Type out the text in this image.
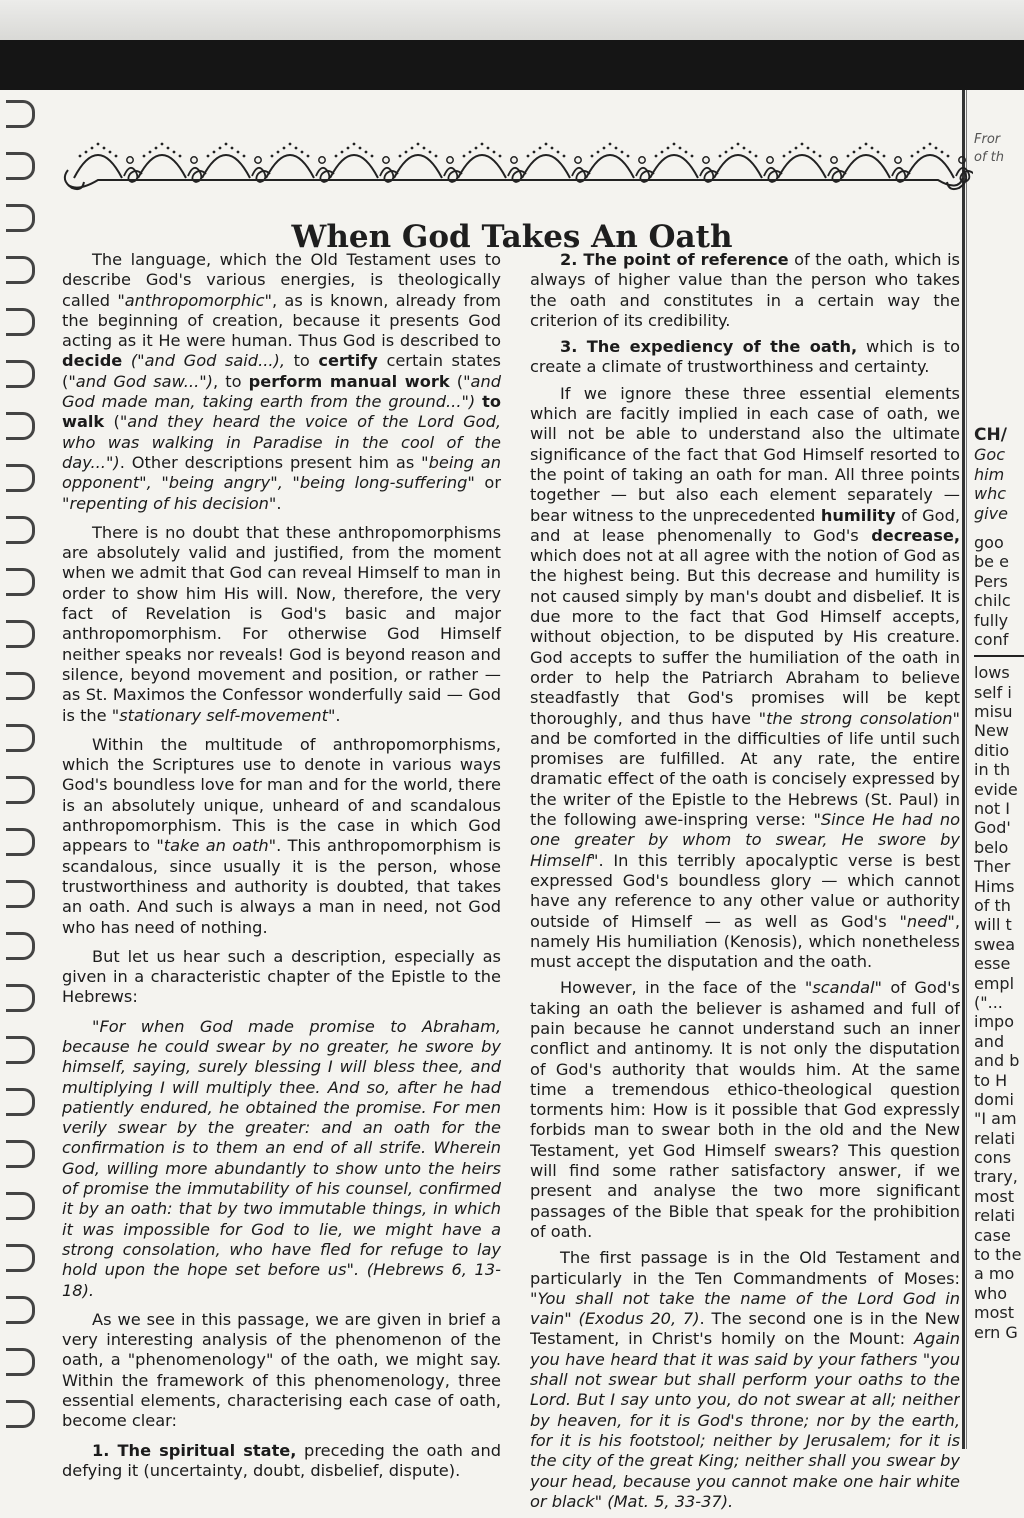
When God Takes An Oath

The language, which the Old Testament uses to describe God's various energies, is theologically called "anthropomorphic", as is known, already from the beginning of creation, because it presents God acting as it He were human. Thus God is described to decide ("and God said...), to certify certain states ("and God saw..."), to perform manual work ("and God made man, taking earth from the ground...") to walk ("and they heard the voice of the Lord God, who was walking in Paradise in the cool of the day..."). Other descriptions present him as "being an opponent", "being angry", "being long-suffering" or "repenting of his decision".

There is no doubt that these anthropomorphisms are absolutely valid and justified, from the moment when we admit that God can reveal Himself to man in order to show him His will. Now, therefore, the very fact of Revelation is God's basic and major anthropomorphism. For otherwise God Himself neither speaks nor reveals! God is beyond reason and silence, beyond movement and position, or rather — as St. Maximos the Confessor wonderfully said — God is the "stationary self-movement".

Within the multitude of anthropomorphisms, which the Scriptures use to denote in various ways God's boundless love for man and for the world, there is an absolutely unique, unheard of and scandalous anthropomorphism. This is the case in which God appears to "take an oath". This anthropomorphism is scandalous, since usually it is the person, whose trustworthiness and authority is doubted, that takes an oath. And such is always a man in need, not God who has need of nothing.

But let us hear such a description, especially as given in a characteristic chapter of the Epistle to the Hebrews:

"For when God made promise to Abraham, because he could swear by no greater, he swore by himself, saying, surely blessing I will bless thee, and multiplying I will multiply thee. And so, after he had patiently endured, he obtained the promise. For men verily swear by the greater: and an oath for the confirmation is to them an end of all strife. Wherein God, willing more abundantly to show unto the heirs of promise the immutability of his counsel, confirmed it by an oath: that by two immutable things, in which it was impossible for God to lie, we might have a strong consolation, who have fled for refuge to lay hold upon the hope set before us". (Hebrews 6, 13-18).

As we see in this passage, we are given in brief a very interesting analysis of the phenomenon of the oath, a "phenomenology" of the oath, we might say. Within the framework of this phenomenology, three essential elements, characterising each case of oath, become clear:

1. The spiritual state, preceding the oath and defying it (uncertainty, doubt, disbelief, dispute).

2. The point of reference of the oath, which is always of higher value than the person who takes the oath and constitutes in a certain way the criterion of its credibility.

3. The expediency of the oath, which is to create a climate of trustworthiness and certainty.

If we ignore these three essential elements which are facitly implied in each case of oath, we will not be able to understand also the ultimate significance of the fact that God Himself resorted to the point of taking an oath for man. All three points together — but also each element separately — bear witness to the unprecedented humility of God, and at lease phenomenally to God's decrease, which does not at all agree with the notion of God as the highest being. But this decrease and humility is not caused simply by man's doubt and disbelief. It is due more to the fact that God Himself accepts, without objection, to be disputed by His creature. God accepts to suffer the humiliation of the oath in order to help the Patriarch Abraham to believe steadfastly that God's promises will be kept thoroughly, and thus have "the strong consolation" and be comforted in the difficulties of life until such promises are fulfilled. At any rate, the entire dramatic effect of the oath is concisely expressed by the writer of the Epistle to the Hebrews (St. Paul) in the following awe-inspring verse: "Since He had no one greater by whom to swear, He swore by Himself". In this terribly apocalyptic verse is best expressed God's boundless glory — which cannot have any reference to any other value or authority outside of Himself — as well as God's "need", namely His humiliation (Kenosis), which nonetheless must accept the disputation and the oath.

However, in the face of the "scandal" of God's taking an oath the believer is ashamed and full of pain because he cannot understand such an inner conflict and antinomy. It is not only the disputation of God's authority that woulds him. At the same time a tremendous ethico-theological question torments him: How is it possible that God expressly forbids man to swear both in the old and the New Testament, yet God Himself swears? This question will find some rather satisfactory answer, if we present and analyse the two more significant passages of the Bible that speak for the prohibition of oath.

The first passage is in the Old Testament and particularly in the Ten Commandments of Moses: "You shall not take the name of the Lord God in vain" (Exodus 20, 7). The second one is in the New Testament, in Christ's homily on the Mount: Again you have heard that it was said by your fathers "you shall not swear but shall perform your oaths to the Lord. But I say unto you, do not swear at all; neither by heaven, for it is God's throne; nor by the earth, for it is his footstool; neither by Jerusalem; for it is the city of the great King; neither shall you swear by your head, because you cannot make one hair white or black" (Mat. 5, 33-37).

Fror
of th
CH/
Goc
him
whc
give
goo
be e
Pers
chilc
fully
conf
lows
self i
misu
New
ditio
in th
evide
not I
God'
belo
Ther
Hims
of th
will t
swea
esse
empl
("...
impo
and
and b
to H
domi
"I am
relati
cons
trary,
most
relati
case
to the
a mo
who
most
ern G
